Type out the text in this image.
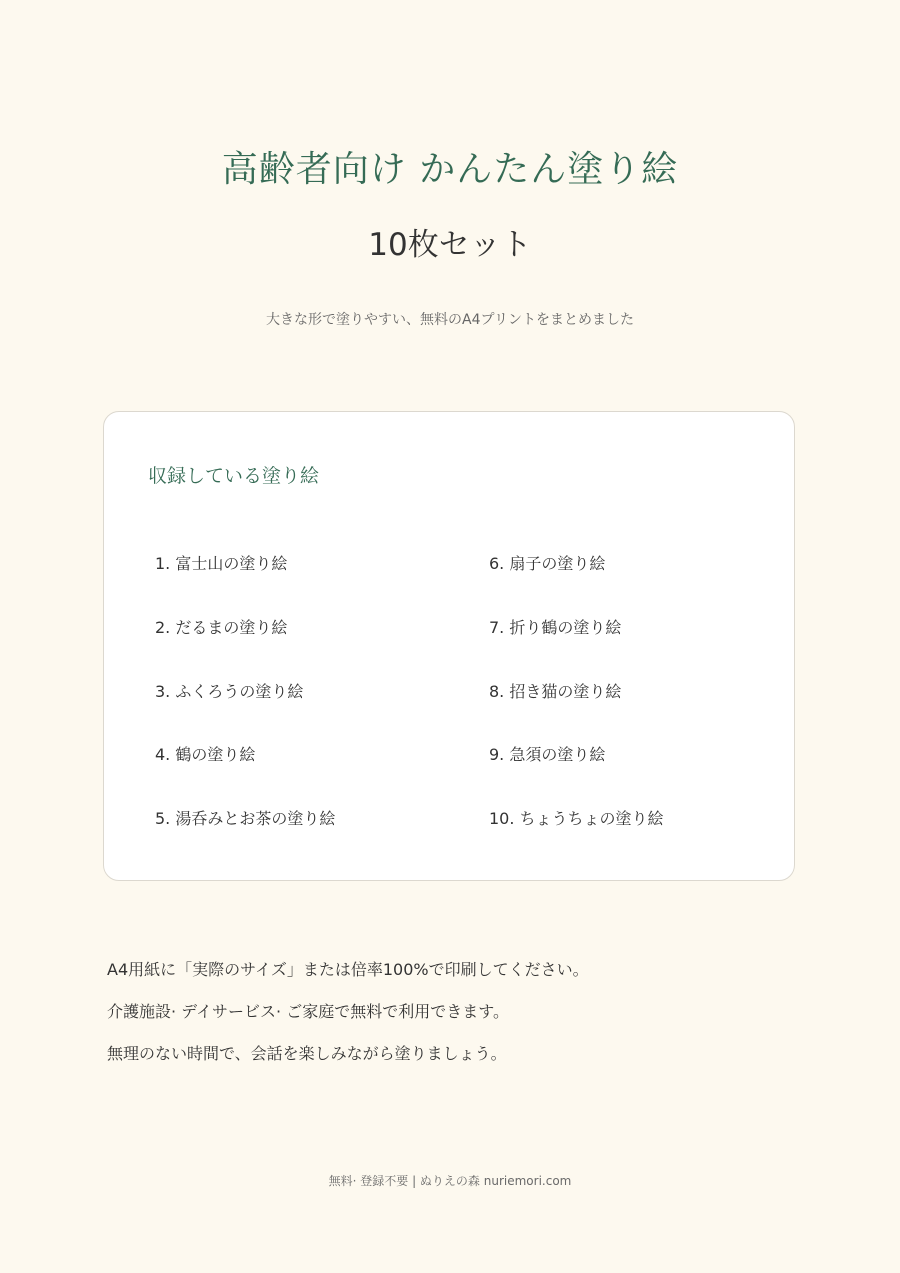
高齢者向け かんたん塗り絵
10枚セット
大きな形で塗りやすい、無料のA4プリントをまとめました
収録している塗り絵
1. 富士山の塗り絵
2. だるまの塗り絵
3. ふくろうの塗り絵
4. 鶴の塗り絵
5. 湯呑みとお茶の塗り絵
6. 扇子の塗り絵
7. 折り鶴の塗り絵
8. 招き猫の塗り絵
9. 急須の塗り絵
10. ちょうちょの塗り絵
A4用紙に「実際のサイズ」または倍率100%で印刷してください。
介護施設· デイサービス· ご家庭で無料で利用できます。
無理のない時間で、会話を楽しみながら塗りましょう。
無料· 登録不要 | ぬりえの森 nuriemori.com
